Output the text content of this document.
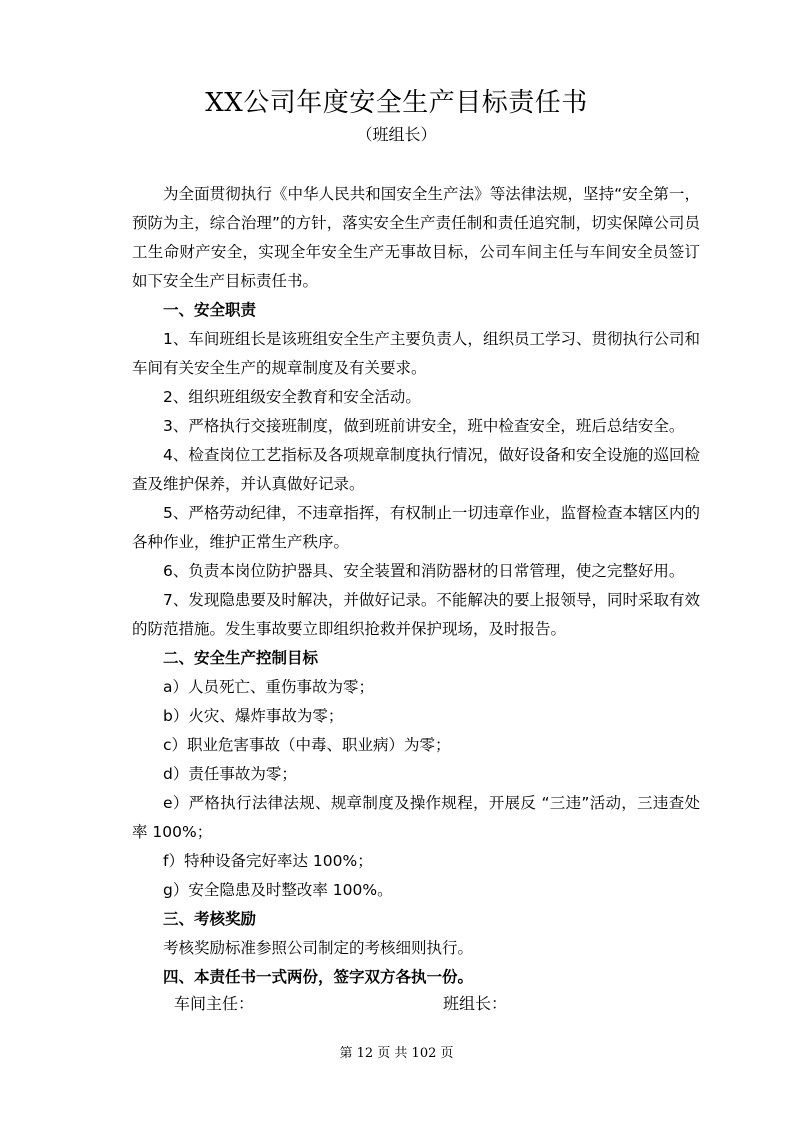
XX公司年度安全生产目标责任书
（班组长）

为全面贯彻执行《中华人民共和国安全生产法》等法律法规，坚持“安全第一，预防为主，综合治理”的方针，落实安全生产责任制和责任追究制，切实保障公司员工生命财产安全，实现全年安全生产无事故目标，公司车间主任与车间安全员签订如下安全生产目标责任书。

一、安全职责

1、车间班组长是该班组安全生产主要负责人，组织员工学习、贯彻执行公司和车间有关安全生产的规章制度及有关要求。

2、组织班组级安全教育和安全活动。

3、严格执行交接班制度，做到班前讲安全，班中检查安全，班后总结安全。

4、检查岗位工艺指标及各项规章制度执行情况，做好设备和安全设施的巡回检查及维护保养，并认真做好记录。

5、严格劳动纪律，不违章指挥，有权制止一切违章作业，监督检查本辖区内的各种作业，维护正常生产秩序。

6、负责本岗位防护器具、安全装置和消防器材的日常管理，使之完整好用。

7、发现隐患要及时解决，并做好记录。不能解决的要上报领导，同时采取有效的防范措施。发生事故要立即组织抢救并保护现场，及时报告。

二、安全生产控制目标

a）人员死亡、重伤事故为零；

b）火灾、爆炸事故为零；

c）职业危害事故（中毒、职业病）为零；

d）责任事故为零；

e）严格执行法律法规、规章制度及操作规程，开展反 “三违”活动，三违查处率 100%；

f）特种设备完好率达 100%；

g）安全隐患及时整改率 100%。

三、考核奖励

考核奖励标准参照公司制定的考核细则执行。

四、本责任书一式两份，签字双方各执一份。

车间主任：	班组长：
第 12 页 共 102 页
